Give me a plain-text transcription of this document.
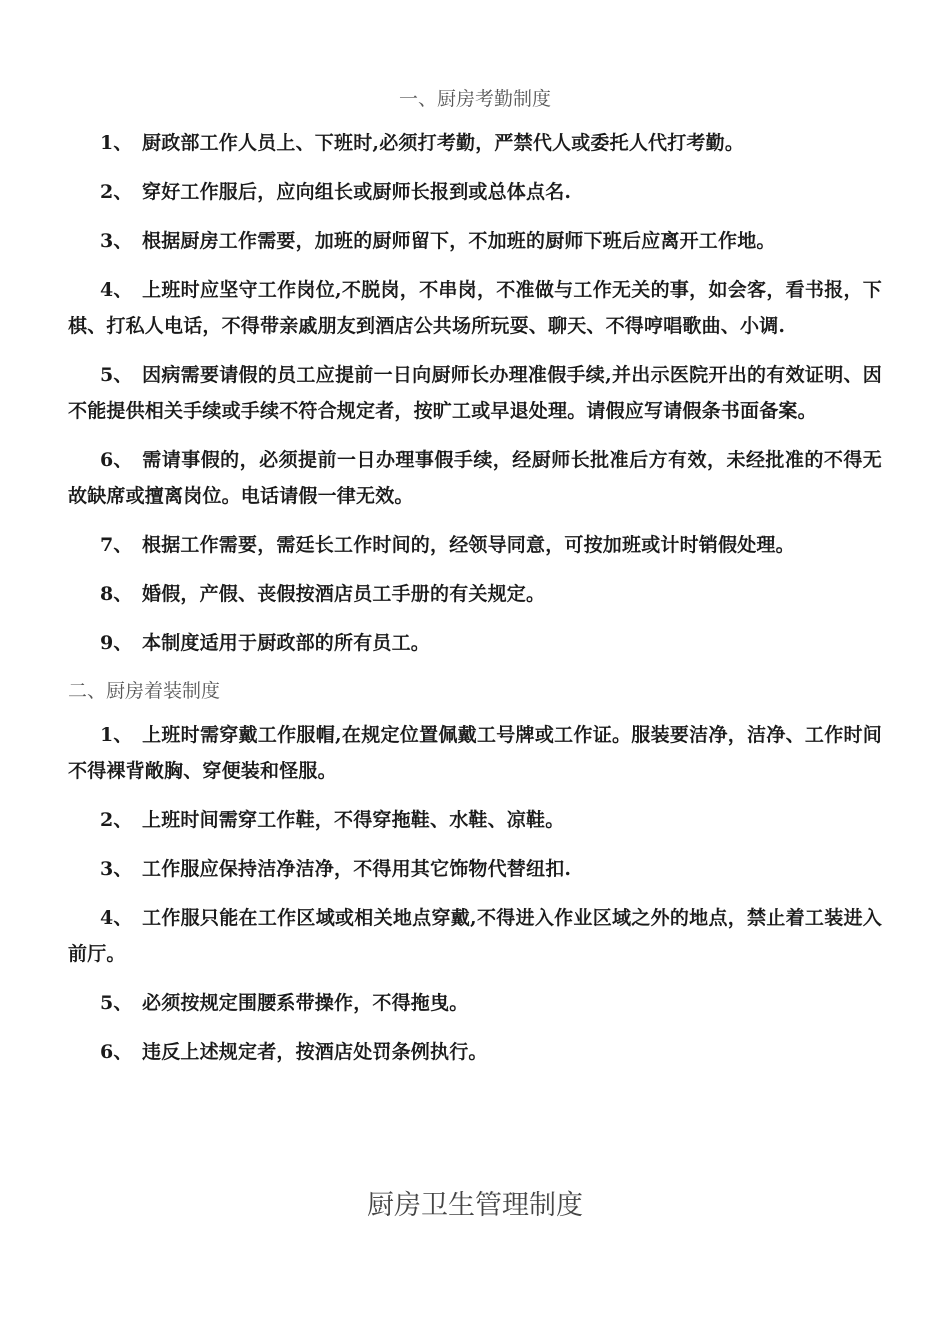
一、厨房考勤制度
1、 厨政部工作人员上、下班时,必须打考勤，严禁代人或委托人代打考勤。
2、 穿好工作服后，应向组长或厨师长报到或总体点名.
3、 根据厨房工作需要，加班的厨师留下，不加班的厨师下班后应离开工作地。
4、 上班时应坚守工作岗位,不脱岗，不串岗，不准做与工作无关的事，如会客，看书报，下棋、打私人电话，不得带亲戚朋友到酒店公共场所玩耍、聊天、不得哼唱歌曲、小调.
5、 因病需要请假的员工应提前一日向厨师长办理准假手续,并出示医院开出的有效证明、因不能提供相关手续或手续不符合规定者，按旷工或早退处理。请假应写请假条书面备案。
6、 需请事假的，必须提前一日办理事假手续，经厨师长批准后方有效，未经批准的不得无故缺席或擅离岗位。电话请假一律无效。
7、 根据工作需要，需廷长工作时间的，经领导同意，可按加班或计时销假处理。
8、 婚假，产假、丧假按酒店员工手册的有关规定。
9、 本制度适用于厨政部的所有员工。
二、厨房着装制度
1、 上班时需穿戴工作服帽,在规定位置佩戴工号牌或工作证。服装要洁净，洁净、工作时间不得裸背敞胸、穿便装和怪服。
2、 上班时间需穿工作鞋，不得穿拖鞋、水鞋、凉鞋。
3、 工作服应保持洁净洁净，不得用其它饰物代替纽扣.
4、 工作服只能在工作区域或相关地点穿戴,不得进入作业区域之外的地点，禁止着工装进入前厅。
5、 必须按规定围腰系带操作，不得拖曳。
6、 违反上述规定者，按酒店处罚条例执行。
厨房卫生管理制度
